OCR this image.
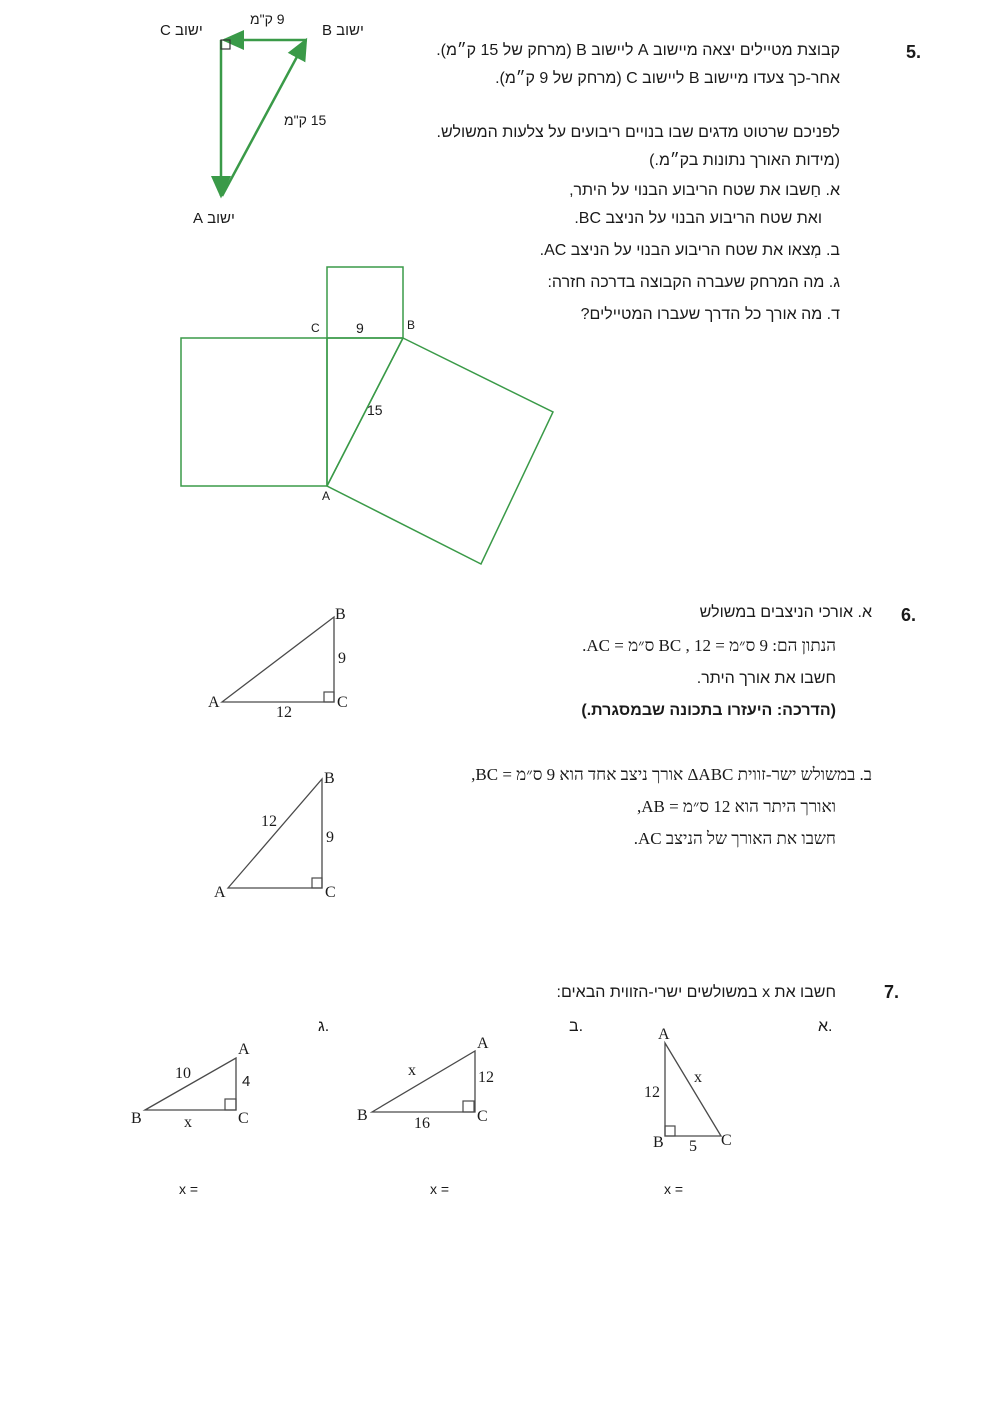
5.
קבוצת מטיילים יצאה מיישוב A ליישוב B (מרחק של 15 ק״מ).
אחר-כך צעדו מיישוב B ליישוב C (מרחק של 9 ק״מ).
לפניכם שרטוט מדגים שבו בנויים ריבועים על צלעות המשולש.
(מידות האורך נתונות בק״מ.)
א. חַשבו את שטח הריבוע הבנוי על היתר,
ואת שטח הריבוע הבנוי על הניצב BC.
ב. מְצאו את שטח הריבוע הבנוי על הניצב AC.
ג. מה המרחק שעברה הקבוצה בדרכה חזרה:
ד. מה אורך כל הדרך שעברו המטיילים?
ישוב C	ישוב B
ישוב A
9 ק"מ
15 ק"מ
C	B
A
9
15
6.
א. אורכי הניצבים במשולש
הנתון הם: 9 ס״מ = BC , 12 ס״מ = AC.
חשבו את אורך היתר.
(הדרכה: היעזרו בתכונה שבמסגרת.)
B
A	C
9
12
ב. במשולש ישר-זווית ΔABC אורך ניצב אחד הוא 9 ס״מ = BC,
ואורך היתר הוא 12 ס״מ = AB,
חשבו את האורך של הניצב AC.
B
A	C
12
9
7.
חשבו את x במשולשים ישרי-הזווית הבאים:
א.
ב.
ג.	A
B	C
12
x
5
A
B	C
x
16
12
A
B	C
10
x
4
x =
x =
x =
